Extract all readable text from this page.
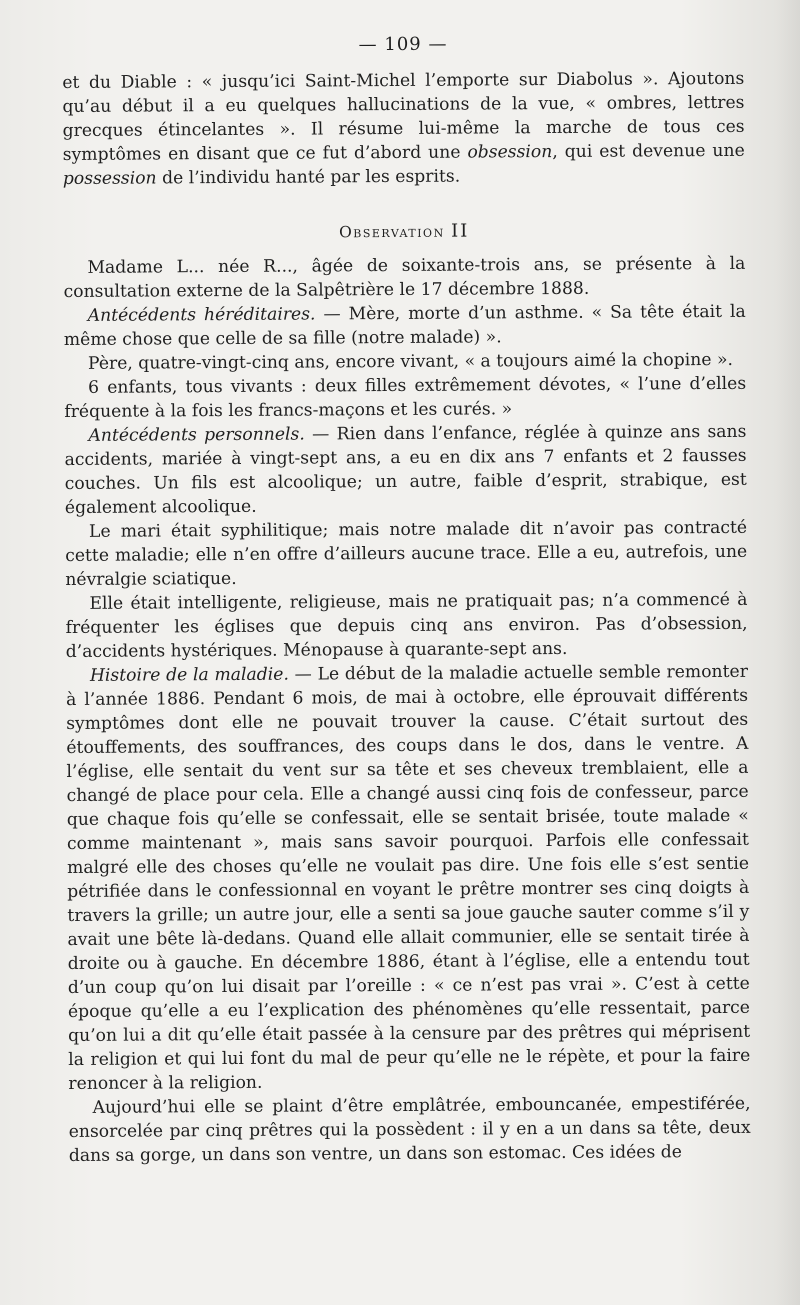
— 109 —

et du Diable : « jusqu’ici Saint-Michel l’emporte sur Diabolus ». Ajoutons qu’au début il a eu quelques hallucinations de la vue, « ombres, lettres grecques étincelantes ». Il résume lui-même la marche de tous ces symptômes en disant que ce fut d’abord une obsession, qui est devenue une possession de l’individu hanté par les esprits.

Observation II

Madame L... née R..., âgée de soixante-trois ans, se présente à la consultation externe de la Salpêtrière le 17 décembre 1888.

Antécédents héréditaires. — Mère, morte d’un asthme. « Sa tête était la même chose que celle de sa fille (notre malade) ».

Père, quatre-vingt-cinq ans, encore vivant, « a toujours aimé la chopine ».

6 enfants, tous vivants : deux filles extrêmement dévotes, « l’une d’elles fréquente à la fois les francs-maçons et les curés. »

Antécédents personnels. — Rien dans l’enfance, réglée à quinze ans sans accidents, mariée à vingt-sept ans, a eu en dix ans 7 enfants et 2 fausses couches. Un fils est alcoolique; un autre, faible d’esprit, strabique, est également alcoolique.

Le mari était syphilitique; mais notre malade dit n’avoir pas contracté cette maladie; elle n’en offre d’ailleurs aucune trace. Elle a eu, autrefois, une névralgie sciatique.

Elle était intelligente, religieuse, mais ne pratiquait pas; n’a commencé à fréquenter les églises que depuis cinq ans environ. Pas d’obsession, d’accidents hystériques. Ménopause à quarante-sept ans.

Histoire de la maladie. — Le début de la maladie actuelle semble remonter à l’année 1886. Pendant 6 mois, de mai à octobre, elle éprouvait différents symptômes dont elle ne pouvait trouver la cause. C’était surtout des étouffements, des souffrances, des coups dans le dos, dans le ventre. A l’église, elle sentait du vent sur sa tête et ses cheveux tremblaient, elle a changé de place pour cela. Elle a changé aussi cinq fois de confesseur, parce que chaque fois qu’elle se confessait, elle se sentait brisée, toute malade « comme maintenant », mais sans savoir pourquoi. Parfois elle confessait malgré elle des choses qu’elle ne voulait pas dire. Une fois elle s’est sentie pétrifiée dans le confessionnal en voyant le prêtre montrer ses cinq doigts à travers la grille; un autre jour, elle a senti sa joue gauche sauter comme s’il y avait une bête là-dedans. Quand elle allait communier, elle se sentait tirée à droite ou à gauche. En décembre 1886, étant à l’église, elle a entendu tout d’un coup qu’on lui disait par l’oreille : « ce n’est pas vrai ». C’est à cette époque qu’elle a eu l’explication des phénomènes qu’elle ressentait, parce qu’on lui a dit qu’elle était passée à la censure par des prêtres qui méprisent la religion et qui lui font du mal de peur qu’elle ne le répète, et pour la faire renoncer à la religion.

Aujourd’hui elle se plaint d’être emplâtrée, embouncanée, empestiférée, ensorcelée par cinq prêtres qui la possèdent : il y en a un dans sa tête, deux dans sa gorge, un dans son ventre, un dans son estomac. Ces idées de
